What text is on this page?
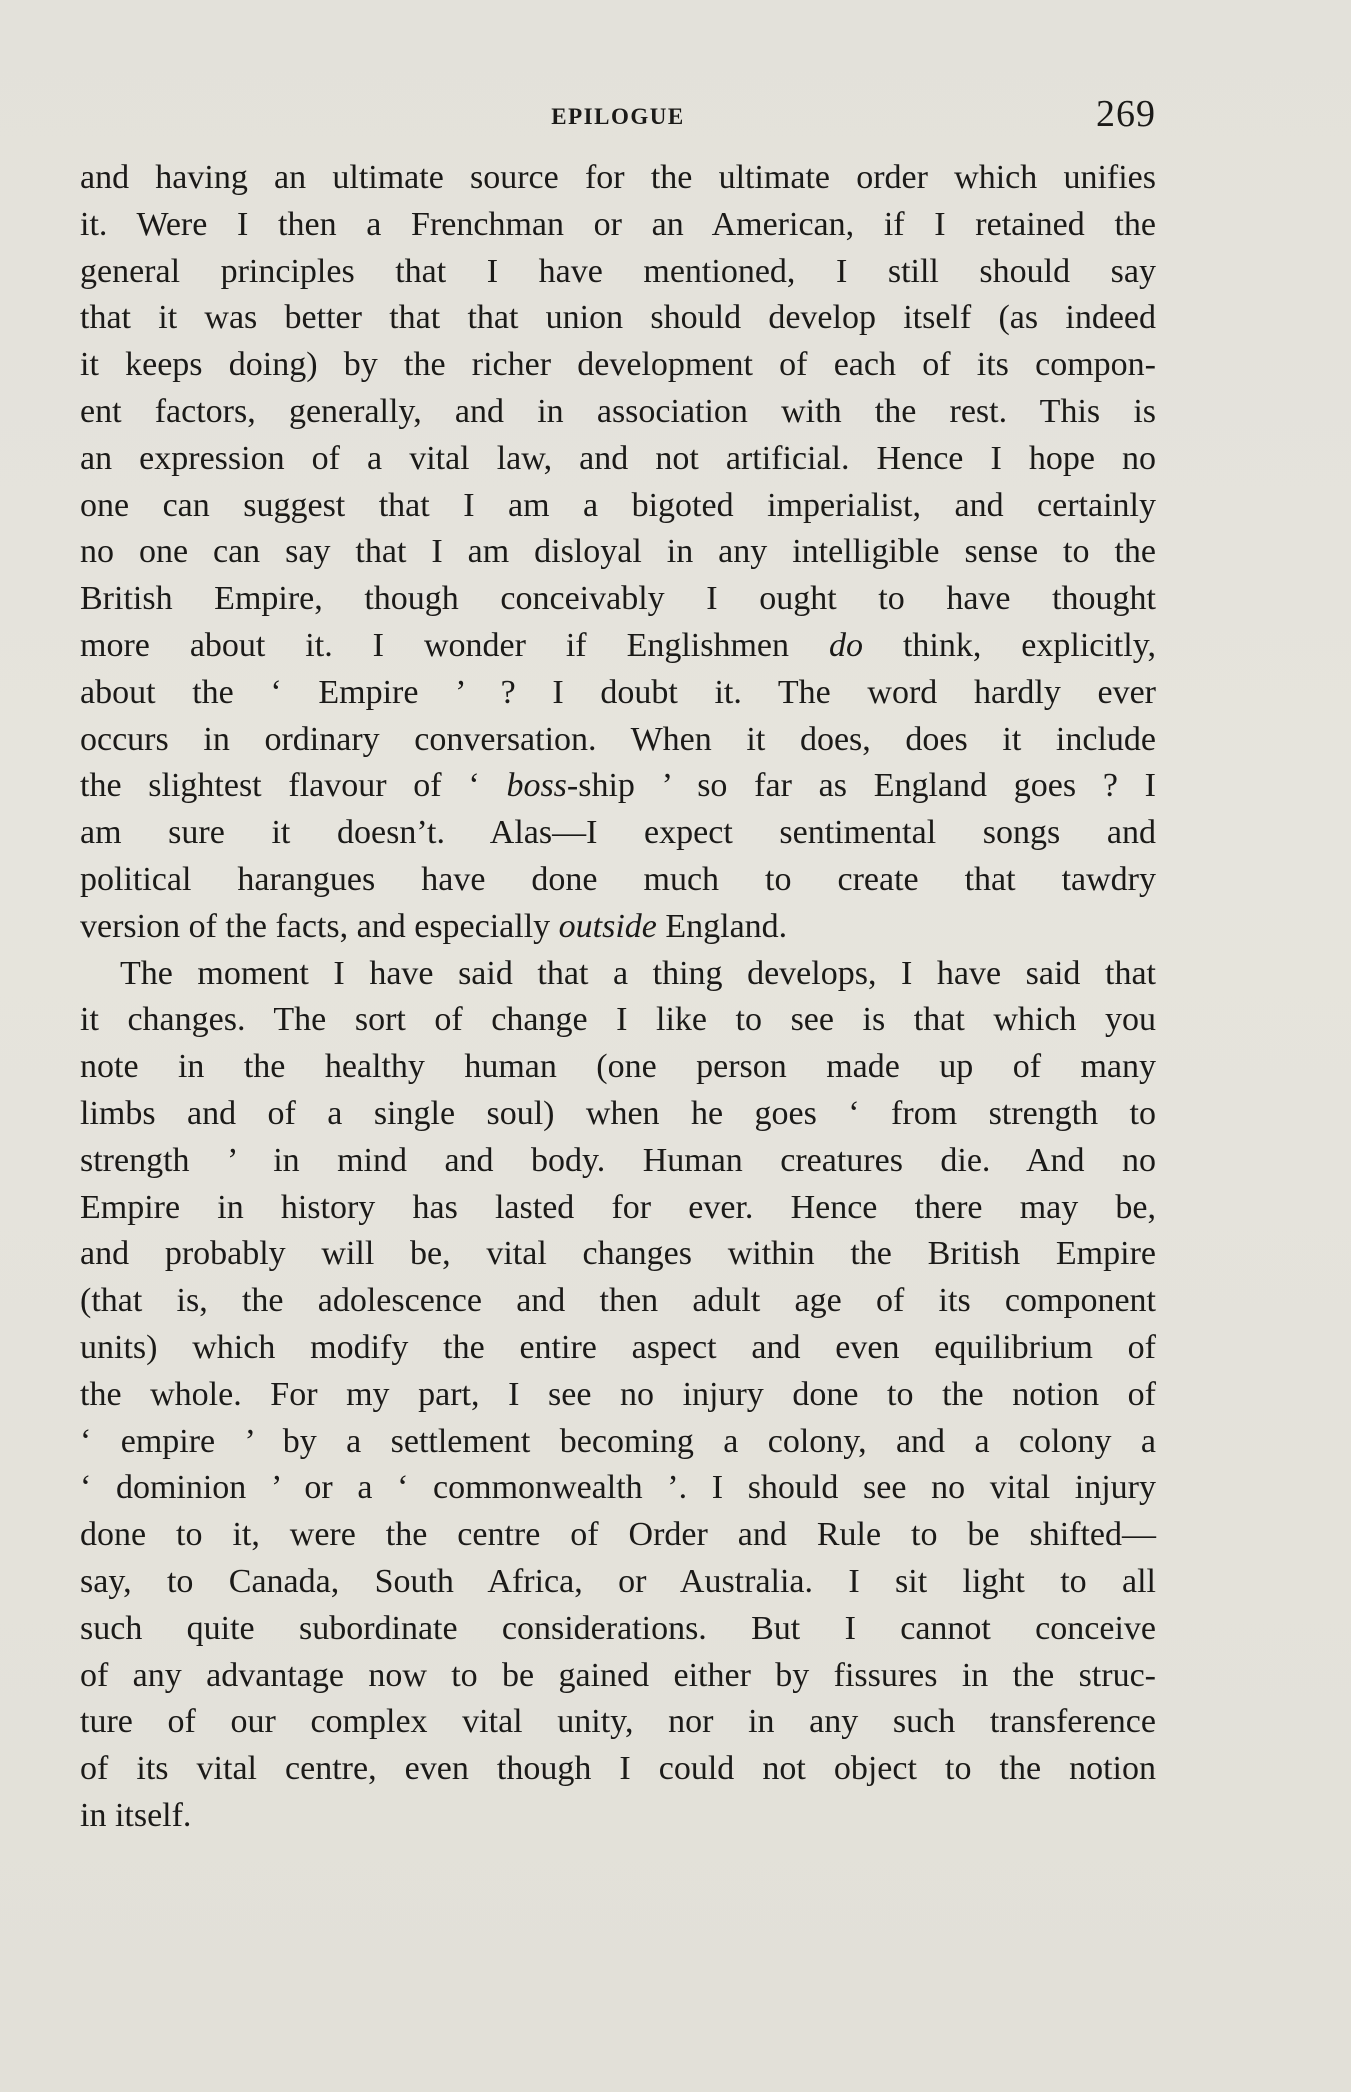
EPILOGUE	269
and having an ultimate source for the ultimate order which unifies
it. Were I then a Frenchman or an American, if I retained the
general principles that I have mentioned, I still should say
that it was better that that union should develop itself (as indeed
it keeps doing) by the richer development of each of its compon-
ent factors, generally, and in association with the rest. This is
an expression of a vital law, and not artificial. Hence I hope no
one can suggest that I am a bigoted imperialist, and certainly
no one can say that I am disloyal in any intelligible sense to the
British Empire, though conceivably I ought to have thought
more about it. I wonder if Englishmen do think, explicitly,
about the ‘ Empire ’ ? I doubt it. The word hardly ever
occurs in ordinary conversation. When it does, does it include
the slightest flavour of ‘ boss-ship ’ so far as England goes ? I
am sure it doesn’t. Alas—I expect sentimental songs and
political harangues have done much to create that tawdry
version of the facts, and especially outside England.
The moment I have said that a thing develops, I have said that
it changes. The sort of change I like to see is that which you
note in the healthy human (one person made up of many
limbs and of a single soul) when he goes ‘ from strength to
strength ’ in mind and body. Human creatures die. And no
Empire in history has lasted for ever. Hence there may be,
and probably will be, vital changes within the British Empire
(that is, the adolescence and then adult age of its component
units) which modify the entire aspect and even equilibrium of
the whole. For my part, I see no injury done to the notion of
‘ empire ’ by a settlement becoming a colony, and a colony a
‘ dominion ’ or a ‘ commonwealth ’. I should see no vital injury
done to it, were the centre of Order and Rule to be shifted—
say, to Canada, South Africa, or Australia. I sit light to all
such quite subordinate considerations. But I cannot conceive
of any advantage now to be gained either by fissures in the struc-
ture of our complex vital unity, nor in any such transference
of its vital centre, even though I could not object to the notion
in itself.
